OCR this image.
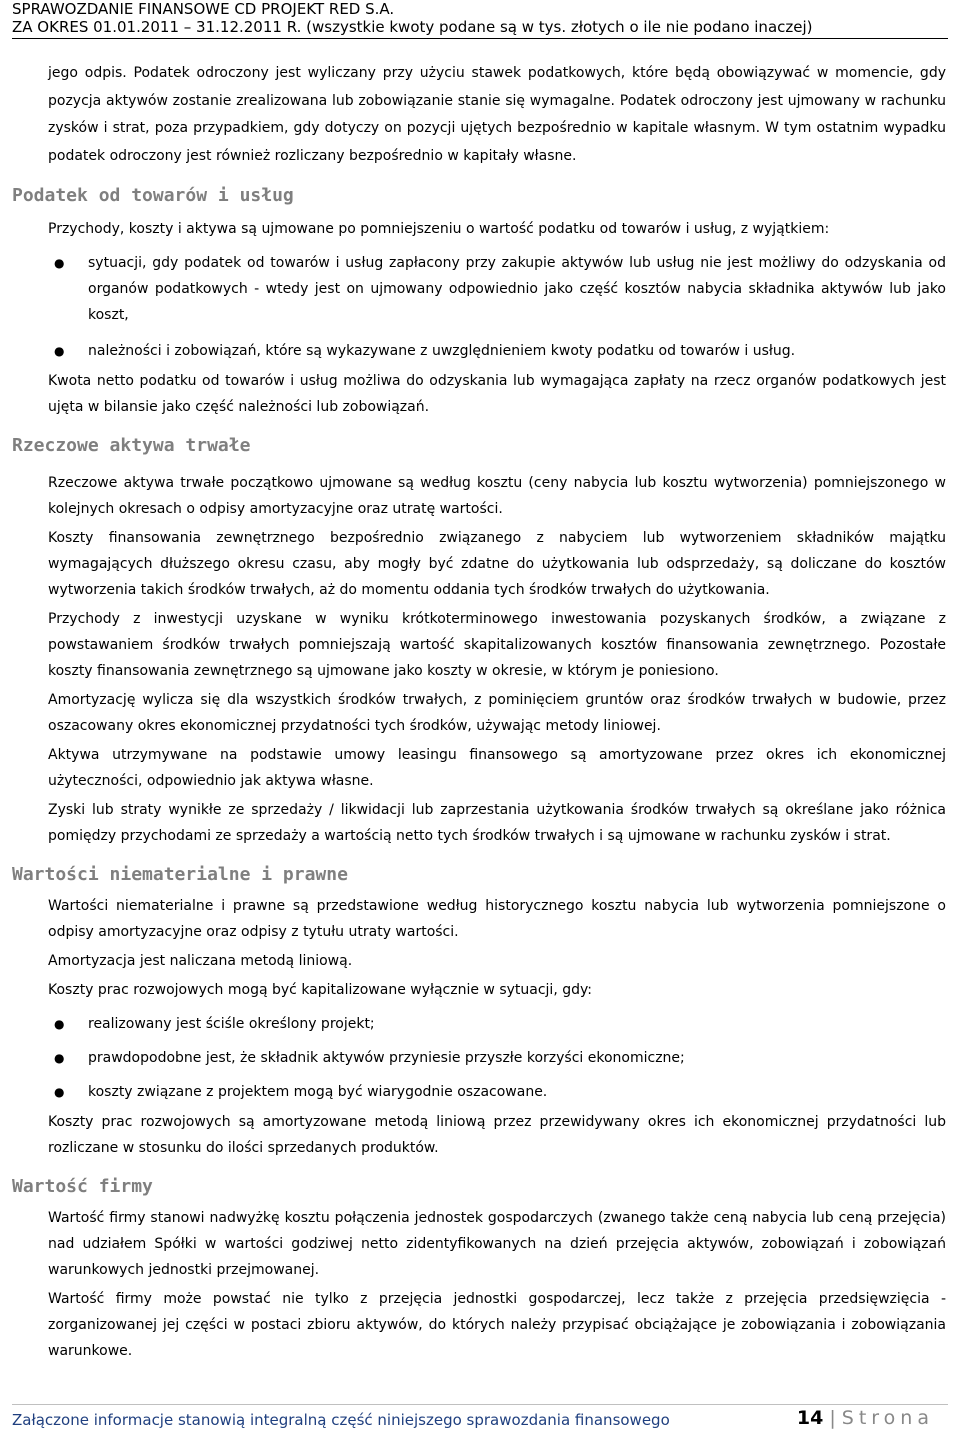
SPRAWOZDANIE FINANSOWE CD PROJEKT RED S.A.
ZA OKRES 01.01.2011 – 31.12.2011 R. (wszystkie kwoty podane są w tys. złotych o ile nie podano inaczej)

jego odpis. Podatek odroczony jest wyliczany przy użyciu stawek podatkowych, które będą obowiązywać w momencie, gdy pozycja aktywów zostanie zrealizowana lub zobowiązanie stanie się wymagalne. Podatek odroczony jest ujmowany w rachunku zysków i strat, poza przypadkiem, gdy dotyczy on pozycji ujętych bezpośrednio w kapitale własnym. W tym ostatnim wypadku podatek odroczony jest również rozliczany bezpośrednio w kapitały własne.

Podatek od towarów i usług

Przychody, koszty i aktywa są ujmowane po pomniejszeniu o wartość podatku od towarów i usług, z wyjątkiem:

● sytuacji, gdy podatek od towarów i usług zapłacony przy zakupie aktywów lub usług nie jest możliwy do odzyskania od organów podatkowych - wtedy jest on ujmowany odpowiednio jako część kosztów nabycia składnika aktywów lub jako koszt,
● należności i zobowiązań, które są wykazywane z uwzględnieniem kwoty podatku od towarów i usług.

Kwota netto podatku od towarów i usług możliwa do odzyskania lub wymagająca zapłaty na rzecz organów podatkowych jest ujęta w bilansie jako część należności lub zobowiązań.

Rzeczowe aktywa trwałe

Rzeczowe aktywa trwałe początkowo ujmowane są według kosztu (ceny nabycia lub kosztu wytworzenia) pomniejszonego w kolejnych okresach o odpisy amortyzacyjne oraz utratę wartości.

Koszty finansowania zewnętrznego bezpośrednio związanego z nabyciem lub wytworzeniem składników majątku wymagających dłuższego okresu czasu, aby mogły być zdatne do użytkowania lub odsprzedaży, są doliczane do kosztów wytworzenia takich środków trwałych, aż do momentu oddania tych środków trwałych do użytkowania.

Przychody z inwestycji uzyskane w wyniku krótkoterminowego inwestowania pozyskanych środków, a związane z powstawaniem środków trwałych pomniejszają wartość skapitalizowanych kosztów finansowania zewnętrznego. Pozostałe koszty finansowania zewnętrznego są ujmowane jako koszty w okresie, w którym je poniesiono.

Amortyzację wylicza się dla wszystkich środków trwałych, z pominięciem gruntów oraz środków trwałych w budowie, przez oszacowany okres ekonomicznej przydatności tych środków, używając metody liniowej.

Aktywa utrzymywane na podstawie umowy leasingu finansowego są amortyzowane przez okres ich ekonomicznej użyteczności, odpowiednio jak aktywa własne.

Zyski lub straty wynikłe ze sprzedaży / likwidacji lub zaprzestania użytkowania środków trwałych są określane jako różnica pomiędzy przychodami ze sprzedaży a wartością netto tych środków trwałych i są ujmowane w rachunku zysków i strat.

Wartości niematerialne i prawne

Wartości niematerialne i prawne są przedstawione według historycznego kosztu nabycia lub wytworzenia pomniejszone o odpisy amortyzacyjne oraz odpisy z tytułu utraty wartości.

Amortyzacja jest naliczana metodą liniową.

Koszty prac rozwojowych mogą być kapitalizowane wyłącznie w sytuacji, gdy:

● realizowany jest ściśle określony projekt;
● prawdopodobne jest, że składnik aktywów przyniesie przyszłe korzyści ekonomiczne;
● koszty związane z projektem mogą być wiarygodnie oszacowane.

Koszty prac rozwojowych są amortyzowane metodą liniową przez przewidywany okres ich ekonomicznej przydatności lub rozliczane w stosunku do ilości sprzedanych produktów.

Wartość firmy

Wartość firmy stanowi nadwyżkę kosztu połączenia jednostek gospodarczych (zwanego także ceną nabycia lub ceną przejęcia) nad udziałem Spółki w wartości godziwej netto zidentyfikowanych na dzień przejęcia aktywów, zobowiązań i zobowiązań warunkowych jednostki przejmowanej.

Wartość firmy może powstać nie tylko z przejęcia jednostki gospodarczej, lecz także z przejęcia przedsięwzięcia - zorganizowanej jej części w postaci zbioru aktywów, do których należy przypisać obciążające je zobowiązania i zobowiązania warunkowe.

Załączone informacje stanowią integralną część niniejszego sprawozdania finansowego	14 | Strona
